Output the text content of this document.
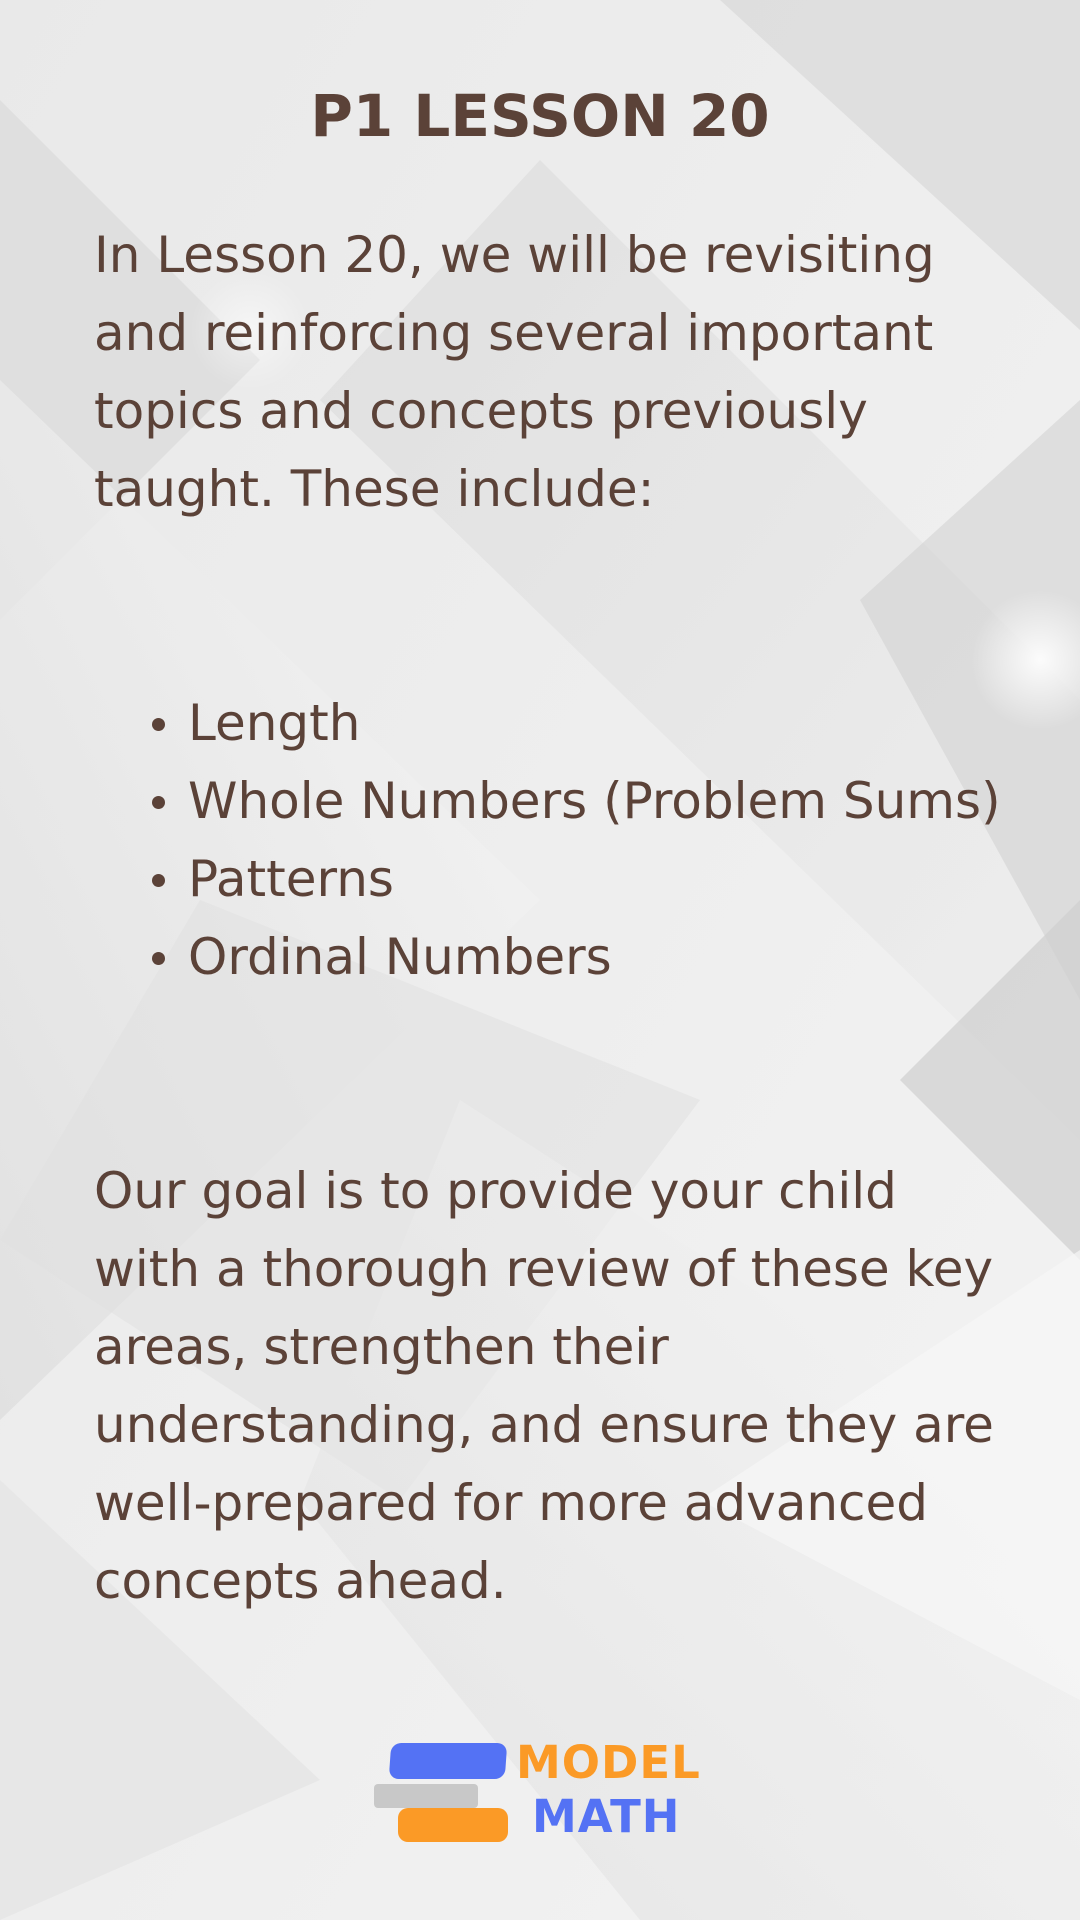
P1 LESSON 20

In Lesson 20, we will be revisiting and reinforcing several important topics and concepts previously taught. These include:

Length
Whole Numbers (Problem Sums)
Patterns
Ordinal Numbers

Our goal is to provide your child with a thorough review of these key areas, strengthen their understanding, and ensure they are well-prepared for more advanced concepts ahead.

MODEL
MATH
